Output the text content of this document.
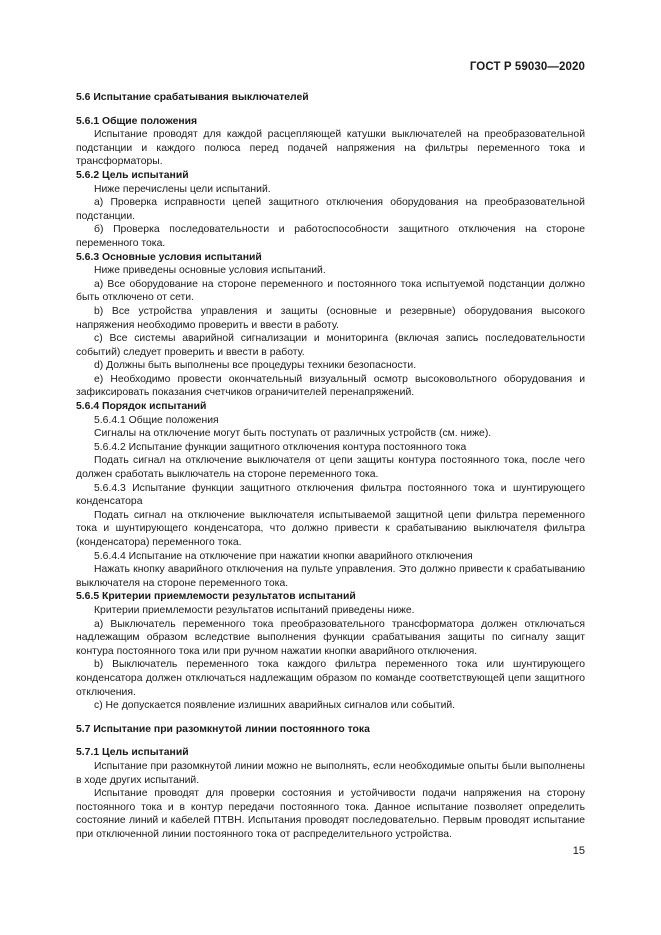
ГОСТ Р 59030—2020

5.6 Испытание срабатывания выключателей

5.6.1 Общие положения

Испытание проводят для каждой расцепляющей катушки выключателей на преобразовательной подстанции и каждого полюса перед подачей напряжения на фильтры переменного тока и трансформаторы.

5.6.2 Цель испытаний

Ниже перечислены цели испытаний.

а) Проверка исправности цепей защитного отключения оборудования на преобразовательной подстанции.

б) Проверка последовательности и работоспособности защитного отключения на стороне переменного тока.

5.6.3 Основные условия испытаний

Ниже приведены основные условия испытаний.

a) Все оборудование на стороне переменного и постоянного тока испытуемой подстанции должно быть отключено от сети.

b) Все устройства управления и защиты (основные и резервные) оборудования высокого напряжения необходимо проверить и ввести в работу.

c) Все системы аварийной сигнализации и мониторинга (включая запись последовательности событий) следует проверить и ввести в работу.

d) Должны быть выполнены все процедуры техники безопасности.

e) Необходимо провести окончательный визуальный осмотр высоковольтного оборудования и зафиксировать показания счетчиков ограничителей перенапряжений.

5.6.4 Порядок испытаний

5.6.4.1 Общие положения

Сигналы на отключение могут быть поступать от различных устройств (см. ниже).

5.6.4.2 Испытание функции защитного отключения контура постоянного тока

Подать сигнал на отключение выключателя от цепи защиты контура постоянного тока, после чего должен сработать выключатель на стороне переменного тока.

5.6.4.3 Испытание функции защитного отключения фильтра постоянного тока и шунтирующего конденсатора

Подать сигнал на отключение выключателя испытываемой защитной цепи фильтра переменного тока и шунтирующего конденсатора, что должно привести к срабатыванию выключателя фильтра (конденсатора) переменного тока.

5.6.4.4 Испытание на отключение при нажатии кнопки аварийного отключения

Нажать кнопку аварийного отключения на пульте управления. Это должно привести к срабатыванию выключателя на стороне переменного тока.

5.6.5 Критерии приемлемости результатов испытаний

Критерии приемлемости результатов испытаний приведены ниже.

а) Выключатель переменного тока преобразовательного трансформатора должен отключаться надлежащим образом вследствие выполнения функции срабатывания защиты по сигналу защит контура постоянного тока или при ручном нажатии кнопки аварийного отключения.

b) Выключатель переменного тока каждого фильтра переменного тока или шунтирующего конденсатора должен отключаться надлежащим образом по команде соответствующей цепи защитного отключения.

c) Не допускается появление излишних аварийных сигналов или событий.

5.7 Испытание при разомкнутой линии постоянного тока

5.7.1 Цель испытаний

Испытание при разомкнутой линии можно не выполнять, если необходимые опыты были выполнены в ходе других испытаний.

Испытание проводят для проверки состояния и устойчивости подачи напряжения на сторону постоянного тока и в контур передачи постоянного тока. Данное испытание позволяет определить состояние линий и кабелей ПТВН. Испытания проводят последовательно. Первым проводят испытание при отключенной линии постоянного тока от распределительного устройства.

15
